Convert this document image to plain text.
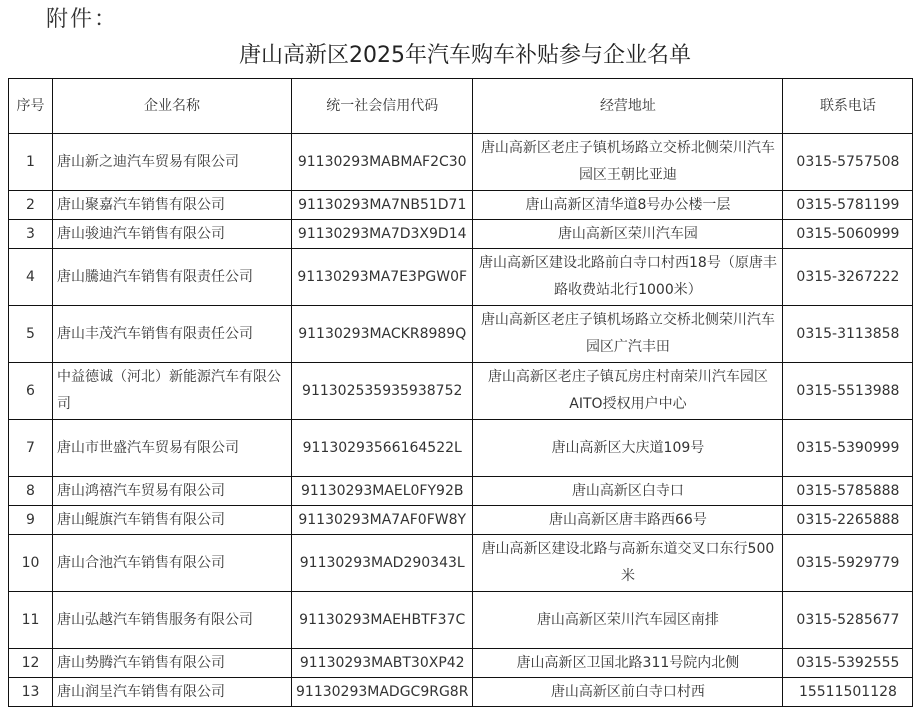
附件：
唐山高新区2025年汽车购车补贴参与企业名单
序号	企业名称	统一社会信用代码	经营地址	联系电话
1	唐山新之迪汽车贸易有限公司	91130293MABMAF2C30	唐山高新区老庄子镇机场路立交桥北侧荣川汽车园区王朝比亚迪	0315-5757508
2	唐山聚嘉汽车销售有限公司	91130293MA7NB51D71	唐山高新区清华道8号办公楼一层	0315-5781199
3	唐山骏迪汽车销售有限公司	91130293MA7D3X9D14	唐山高新区荣川汽车园	0315-5060999
4	唐山騰迪汽车销售有限责任公司	91130293MA7E3PGW0F	唐山高新区建设北路前白寺口村西18号（原唐丰路收费站北行1000米）	0315-3267222
5	唐山丰茂汽车销售有限责任公司	91130293MACKR8989Q	唐山高新区老庄子镇机场路立交桥北侧荣川汽车园区广汽丰田	0315-3113858
6	中益德诚（河北）新能源汽车有限公司	911302535935938752	唐山高新区老庄子镇瓦房庄村南荣川汽车园区AITO授权用户中心	0315-5513988
7	唐山市世盛汽车贸易有限公司	91130293566164522L	唐山高新区大庆道109号	0315-5390999
8	唐山鸿禧汽车贸易有限公司	91130293MAEL0FY92B	唐山高新区白寺口	0315-5785888
9	唐山鲲旗汽车销售有限公司	91130293MA7AF0FW8Y	唐山高新区唐丰路西66号	0315-2265888
10	唐山合池汽车销售有限公司	91130293MAD290343L	唐山高新区建设北路与高新东道交叉口东行500米	0315-5929779
11	唐山弘越汽车销售服务有限公司	91130293MAEHBTF37C	唐山高新区荣川汽车园区南排	0315-5285677
12	唐山势腾汽车销售有限公司	91130293MABT30XP42	唐山高新区卫国北路311号院内北侧	0315-5392555
13	唐山润呈汽车销售有限公司	91130293MADGC9RG8R	唐山高新区前白寺口村西	15511501128
